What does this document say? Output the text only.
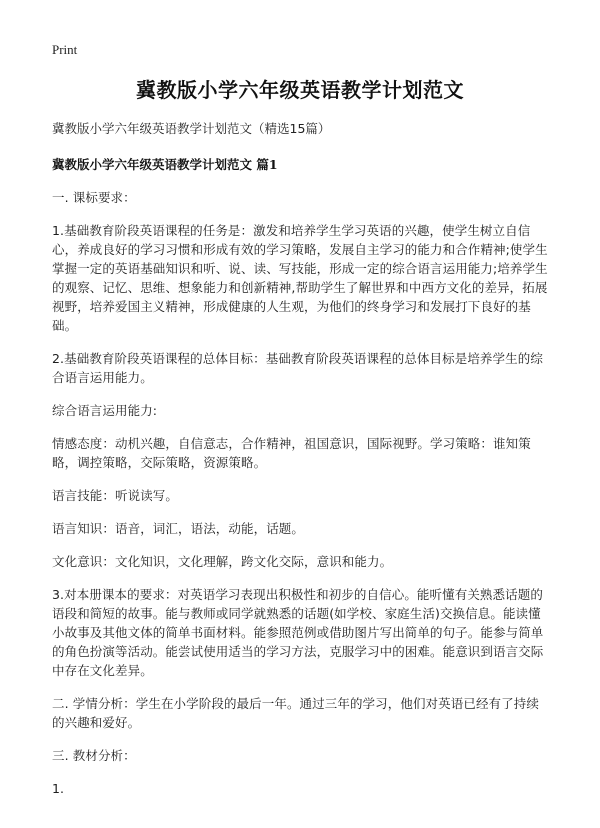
Print
冀教版小学六年级英语教学计划范文
冀教版小学六年级英语教学计划范文（精选15篇）
冀教版小学六年级英语教学计划范文 篇1

一. 课标要求：

1.基础教育阶段英语课程的任务是：激发和培养学生学习英语的兴趣，使学生树立自信心，养成良好的学习习惯和形成有效的学习策略，发展自主学习的能力和合作精神;使学生掌握一定的英语基础知识和听、说、读、写技能，形成一定的综合语言运用能力;培养学生的观察、记忆、思维、想象能力和创新精神,帮助学生了解世界和中西方文化的差异，拓展视野，培养爱国主义精神，形成健康的人生观，为他们的终身学习和发展打下良好的基础。

2.基础教育阶段英语课程的总体目标：基础教育阶段英语课程的总体目标是培养学生的综合语言运用能力。

综合语言运用能力:

情感态度：动机兴趣，自信意志，合作精神，祖国意识，国际视野。学习策略：谁知策略，调控策略，交际策略，资源策略。

语言技能：听说读写。

语言知识：语音，词汇，语法，动能，话题。

文化意识：文化知识，文化理解，跨文化交际，意识和能力。

3.对本册课本的要求：对英语学习表现出积极性和初步的自信心。能听懂有关熟悉话题的语段和简短的故事。能与教师或同学就熟悉的话题(如学校、家庭生活)交换信息。能读懂小故事及其他文体的简单书面材料。能参照范例或借助图片写出简单的句子。能参与简单的角色扮演等活动。能尝试使用适当的学习方法，克服学习中的困难。能意识到语言交际中存在文化差异。

二. 学情分析：学生在小学阶段的最后一年。通过三年的学习，他们对英语已经有了持续的兴趣和爱好。

三. 教材分析：

1.
